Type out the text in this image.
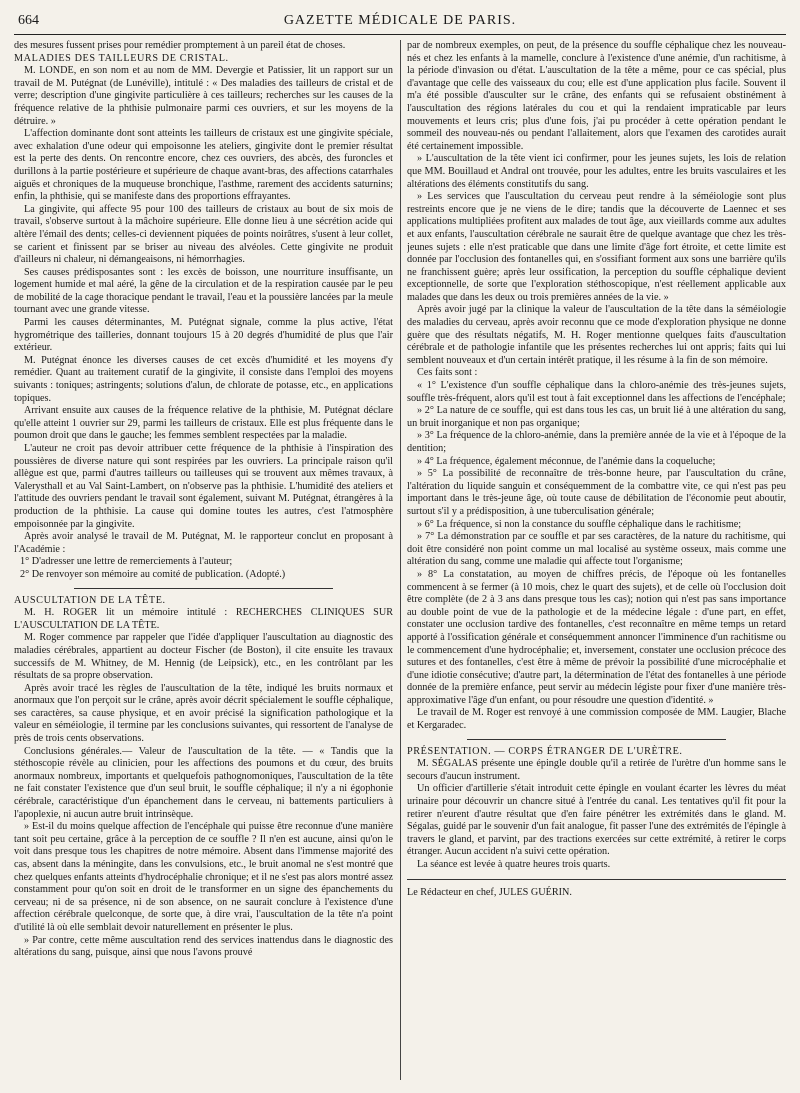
664	GAZETTE MÉDICALE DE PARIS.

des mesures fussent prises pour remédier promptement à un pareil état de choses.

MALADIES DES TAILLEURS DE CRISTAL.

M. LONDE, en son nom et au nom de MM. Devergie et Patissier, lit un rapport sur un travail de M. Putégnat (de Lunéville), intitulé : « Des maladies des tailleurs de cristal et de verre; description d'une gingivite particulière à ces tailleurs; recherches sur les causes de la fréquence relative de la phthisie pulmonaire parmi ces ouvriers, et sur les moyens de la détruire. »

L'affection dominante dont sont atteints les tailleurs de cristaux est une gingivite spéciale, avec exhalation d'une odeur qui empoisonne les ateliers, gingivite dont le premier résultat est la perte des dents. On rencontre encore, chez ces ouvriers, des abcès, des furoncles et durillons à la partie postérieure et supérieure de chaque avant-bras, des affections catarrhales aiguës et chroniques de la muqueuse bronchique, l'asthme, rarement des accidents saturnins; enfin, la phthisie, qui se manifeste dans des proportions effrayantes.

La gingivite, qui affecte 95 pour 100 des tailleurs de cristaux au bout de six mois de travail, s'observe surtout à la mâchoire supérieure. Elle donne lieu à une sécrétion acide qui altère l'émail des dents; celles-ci deviennent piquées de points noirâtres, s'usent à leur collet, se carient et finissent par se briser au niveau des alvéoles. Cette gingivite ne produit d'ailleurs ni chaleur, ni démangeaisons, ni hémorrhagies.

Ses causes prédisposantes sont : les excès de boisson, une nourriture insuffisante, un logement humide et mal aéré, la gêne de la circulation et de la respiration causée par le peu de mobilité de la cage thoracique pendant le travail, l'eau et la poussière lancées par la meule tournant avec une grande vitesse.

Parmi les causes déterminantes, M. Putégnat signale, comme la plus active, l'état hygrométrique des tailleries, donnant toujours 15 à 20 degrés d'humidité de plus que l'air extérieur.

M. Putégnat énonce les diverses causes de cet excès d'humidité et les moyens d'y remédier. Quant au traitement curatif de la gingivite, il consiste dans l'emploi des moyens suivants : toniques; astringents; solutions d'alun, de chlorate de potasse, etc., en applications topiques.

Arrivant ensuite aux causes de la fréquence relative de la phthisie, M. Putégnat déclare qu'elle atteint 1 ouvrier sur 29, parmi les tailleurs de cristaux. Elle est plus fréquente dans le poumon droit que dans le gauche; les femmes semblent respectées par la maladie.

L'auteur ne croit pas devoir attribuer cette fréquence de la phthisie à l'inspiration des poussières de diverse nature qui sont respirées par les ouvriers. La principale raison qu'il allègue est que, parmi d'autres tailleurs ou tailleuses qui se trouvent aux mêmes travaux, à Valerysthall et au Val Saint-Lambert, on n'observe pas la phthisie. L'humidité des ateliers et l'attitude des ouvriers pendant le travail sont également, suivant M. Putégnat, étrangères à la production de la phthisie. La cause qui domine toutes les autres, c'est l'atmosphère empoisonnée par la gingivite.

Après avoir analysé le travail de M. Putégnat, M. le rapporteur conclut en proposant à l'Académie :

1° D'adresser une lettre de remerciements à l'auteur;

2° De renvoyer son mémoire au comité de publication. (Adopté.)

AUSCULTATION DE LA TÊTE.

M. H. ROGER lit un mémoire intitulé : RECHERCHES CLINIQUES SUR L'AUSCULTATION DE LA TÊTE.

M. Roger commence par rappeler que l'idée d'appliquer l'auscultation au diagnostic des maladies cérébrales, appartient au docteur Fischer (de Boston), il cite ensuite les travaux successifs de M. Whitney, de M. Hennig (de Leipsick), etc., en les contrôlant par les résultats de sa propre observation.

Après avoir tracé les règles de l'auscultation de la tête, indiqué les bruits normaux et anormaux que l'on perçoit sur le crâne, après avoir décrit spécialement le souffle céphalique, ses caractères, sa cause physique, et en avoir précisé la signification pathologique et la valeur en séméiologie, il termine par les conclusions suivantes, qui ressortent de l'analyse de près de trois cents observations.

Conclusions générales.— Valeur de l'auscultation de la tête. — « Tandis que la stéthoscopie révèle au clinicien, pour les affections des poumons et du cœur, des bruits anormaux nombreux, importants et quelquefois pathognomoniques, l'auscultation de la tête ne fait constater l'existence que d'un seul bruit, le souffle céphalique; il n'y a ni égophonie cérébrale, caractéristique d'un épanchement dans le cerveau, ni battements particuliers à l'apoplexie, ni aucun autre bruit intrinsèque.

» Est-il du moins quelque affection de l'encéphale qui puisse être reconnue d'une manière tant soit peu certaine, grâce à la perception de ce souffle ? Il n'en est aucune, ainsi qu'on le voit dans presque tous les chapitres de notre mémoire. Absent dans l'immense majorité des cas, absent dans la méningite, dans les convulsions, etc., le bruit anomal ne s'est montré que chez quelques enfants atteints d'hydrocéphalie chronique; et il ne s'est pas alors montré assez constamment pour qu'on soit en droit de le transformer en un signe des épanchements du cerveau; ni de sa présence, ni de son absence, on ne saurait conclure à l'existence d'une affection cérébrale quelconque, de sorte que, à dire vrai, l'auscultation de la tête n'a point d'utilité là où elle semblait devoir naturellement en présenter le plus.

» Par contre, cette même auscultation rend des services inattendus dans le diagnostic des altérations du sang, puisque, ainsi que nous l'avons prouvé

par de nombreux exemples, on peut, de la présence du souffle céphalique chez les nouveau-nés et chez les enfants à la mamelle, conclure à l'existence d'une anémie, d'un rachitisme, à la période d'invasion ou d'état. L'auscultation de la tête a même, pour ce cas spécial, plus d'avantage que celle des vaisseaux du cou; elle est d'une application plus facile. Souvent il m'a été possible d'ausculter sur le crâne, des enfants qui se refusaient obstinément à l'auscultation des régions latérales du cou et qui la rendaient impraticable par leurs mouvements et leurs cris; plus d'une fois, j'ai pu procéder à cette opération pendant le sommeil des nouveau-nés ou pendant l'allaitement, alors que l'examen des carotides aurait été certainement impossible.

» L'auscultation de la tête vient ici confirmer, pour les jeunes sujets, les lois de relation que MM. Bouillaud et Andral ont trouvée, pour les adultes, entre les bruits vasculaires et les altérations des éléments constitutifs du sang.

» Les services que l'auscultation du cerveau peut rendre à la séméiologie sont plus restreints encore que je ne viens de le dire; tandis que la découverte de Laennec et ses applications multipliées profitent aux malades de tout âge, aux vieillards comme aux adultes et aux enfants, l'auscultation cérébrale ne saurait être de quelque avantage que chez les très-jeunes sujets : elle n'est praticable que dans une limite d'âge fort étroite, et cette limite est donnée par l'occlusion des fontanelles qui, en s'ossifiant forment aux sons une barrière qu'ils ne franchissent guère; après leur ossification, la perception du souffle céphalique devient exceptionnelle, de sorte que l'exploration stéthoscopique, n'est réellement applicable aux malades que dans les deux ou trois premières années de la vie. »

Après avoir jugé par la clinique la valeur de l'auscultation de la tête dans la séméiologie des maladies du cerveau, après avoir reconnu que ce mode d'exploration physique ne donne guère que des résultats négatifs, M. H. Roger mentionne quelques faits d'auscultation cérébrale et de pathologie infantile que les présentes recherches lui ont appris; faits qui lui semblent nouveaux et d'un certain intérêt pratique, il les résume à la fin de son mémoire.

Ces faits sont :

« 1° L'existence d'un souffle céphalique dans la chloro-anémie des très-jeunes sujets, souffle très-fréquent, alors qu'il est tout à fait exceptionnel dans les affections de l'encéphale;

» 2° La nature de ce souffle, qui est dans tous les cas, un bruit lié à une altération du sang, un bruit inorganique et non pas organique;

» 3° La fréquence de la chloro-anémie, dans la première année de la vie et à l'époque de la dentition;

» 4° La fréquence, également méconnue, de l'anémie dans la coqueluche;

» 5° La possibilité de reconnaître de très-bonne heure, par l'auscultation du crâne, l'altération du liquide sanguin et conséquemment de la combattre vite, ce qui n'est pas peu important dans le très-jeune âge, où toute cause de débilitation de l'économie peut aboutir, surtout s'il y a prédisposition, à une tuberculisation générale;

» 6° La fréquence, si non la constance du souffle céphalique dans le rachitisme;

» 7° La démonstration par ce souffle et par ses caractères, de la nature du rachitisme, qui doit être considéré non point comme un mal localisé au système osseux, mais comme une altération du sang, comme une maladie qui affecte tout l'organisme;

» 8° La constatation, au moyen de chiffres précis, de l'époque où les fontanelles commencent à se fermer (à 10 mois, chez le quart des sujets), et de celle où l'occlusion doit être complète (de 2 à 3 ans dans presque tous les cas); notion qui n'est pas sans importance au double point de vue de la pathologie et de la médecine légale : d'une part, en effet, constater une occlusion tardive des fontanelles, c'est reconnaître en même temps un retard apporté à l'ossification générale et conséquemment annoncer l'imminence d'un rachitisme ou le commencement d'une hydrocéphalie; et, inversement, constater une occlusion précoce des sutures et des fontanelles, c'est être à même de prévoir la possibilité d'une microcéphalie et d'une idiotie consécutive; d'autre part, la détermination de l'état des fontanelles à une période donnée de la première enfance, peut servir au médecin légiste pour fixer d'une manière très-approximative l'âge d'un enfant, ou pour résoudre une question d'identité. »

Le travail de M. Roger est renvoyé à une commission composée de MM. Laugier, Blache et Kergaradec.

PRÉSENTATION. — CORPS ÉTRANGER DE L'URÈTRE.

M. SÉGALAS présente une épingle double qu'il a retirée de l'urètre d'un homme sans le secours d'aucun instrument.

Un officier d'artillerie s'était introduit cette épingle en voulant écarter les lèvres du méat urinaire pour découvrir un chancre situé à l'entrée du canal. Les tentatives qu'il fit pour la retirer n'eurent d'autre résultat que d'en faire pénétrer les extrémités dans le gland. M. Ségalas, guidé par le souvenir d'un fait analogue, fit passer l'une des extrémités de l'épingle à travers le gland, et parvint, par des tractions exercées sur cette extrémité, à retirer le corps étranger. Aucun accident n'a suivi cette opération.

La séance est levée à quatre heures trois quarts.

Le Rédacteur en chef, JULES GUÉRIN.
